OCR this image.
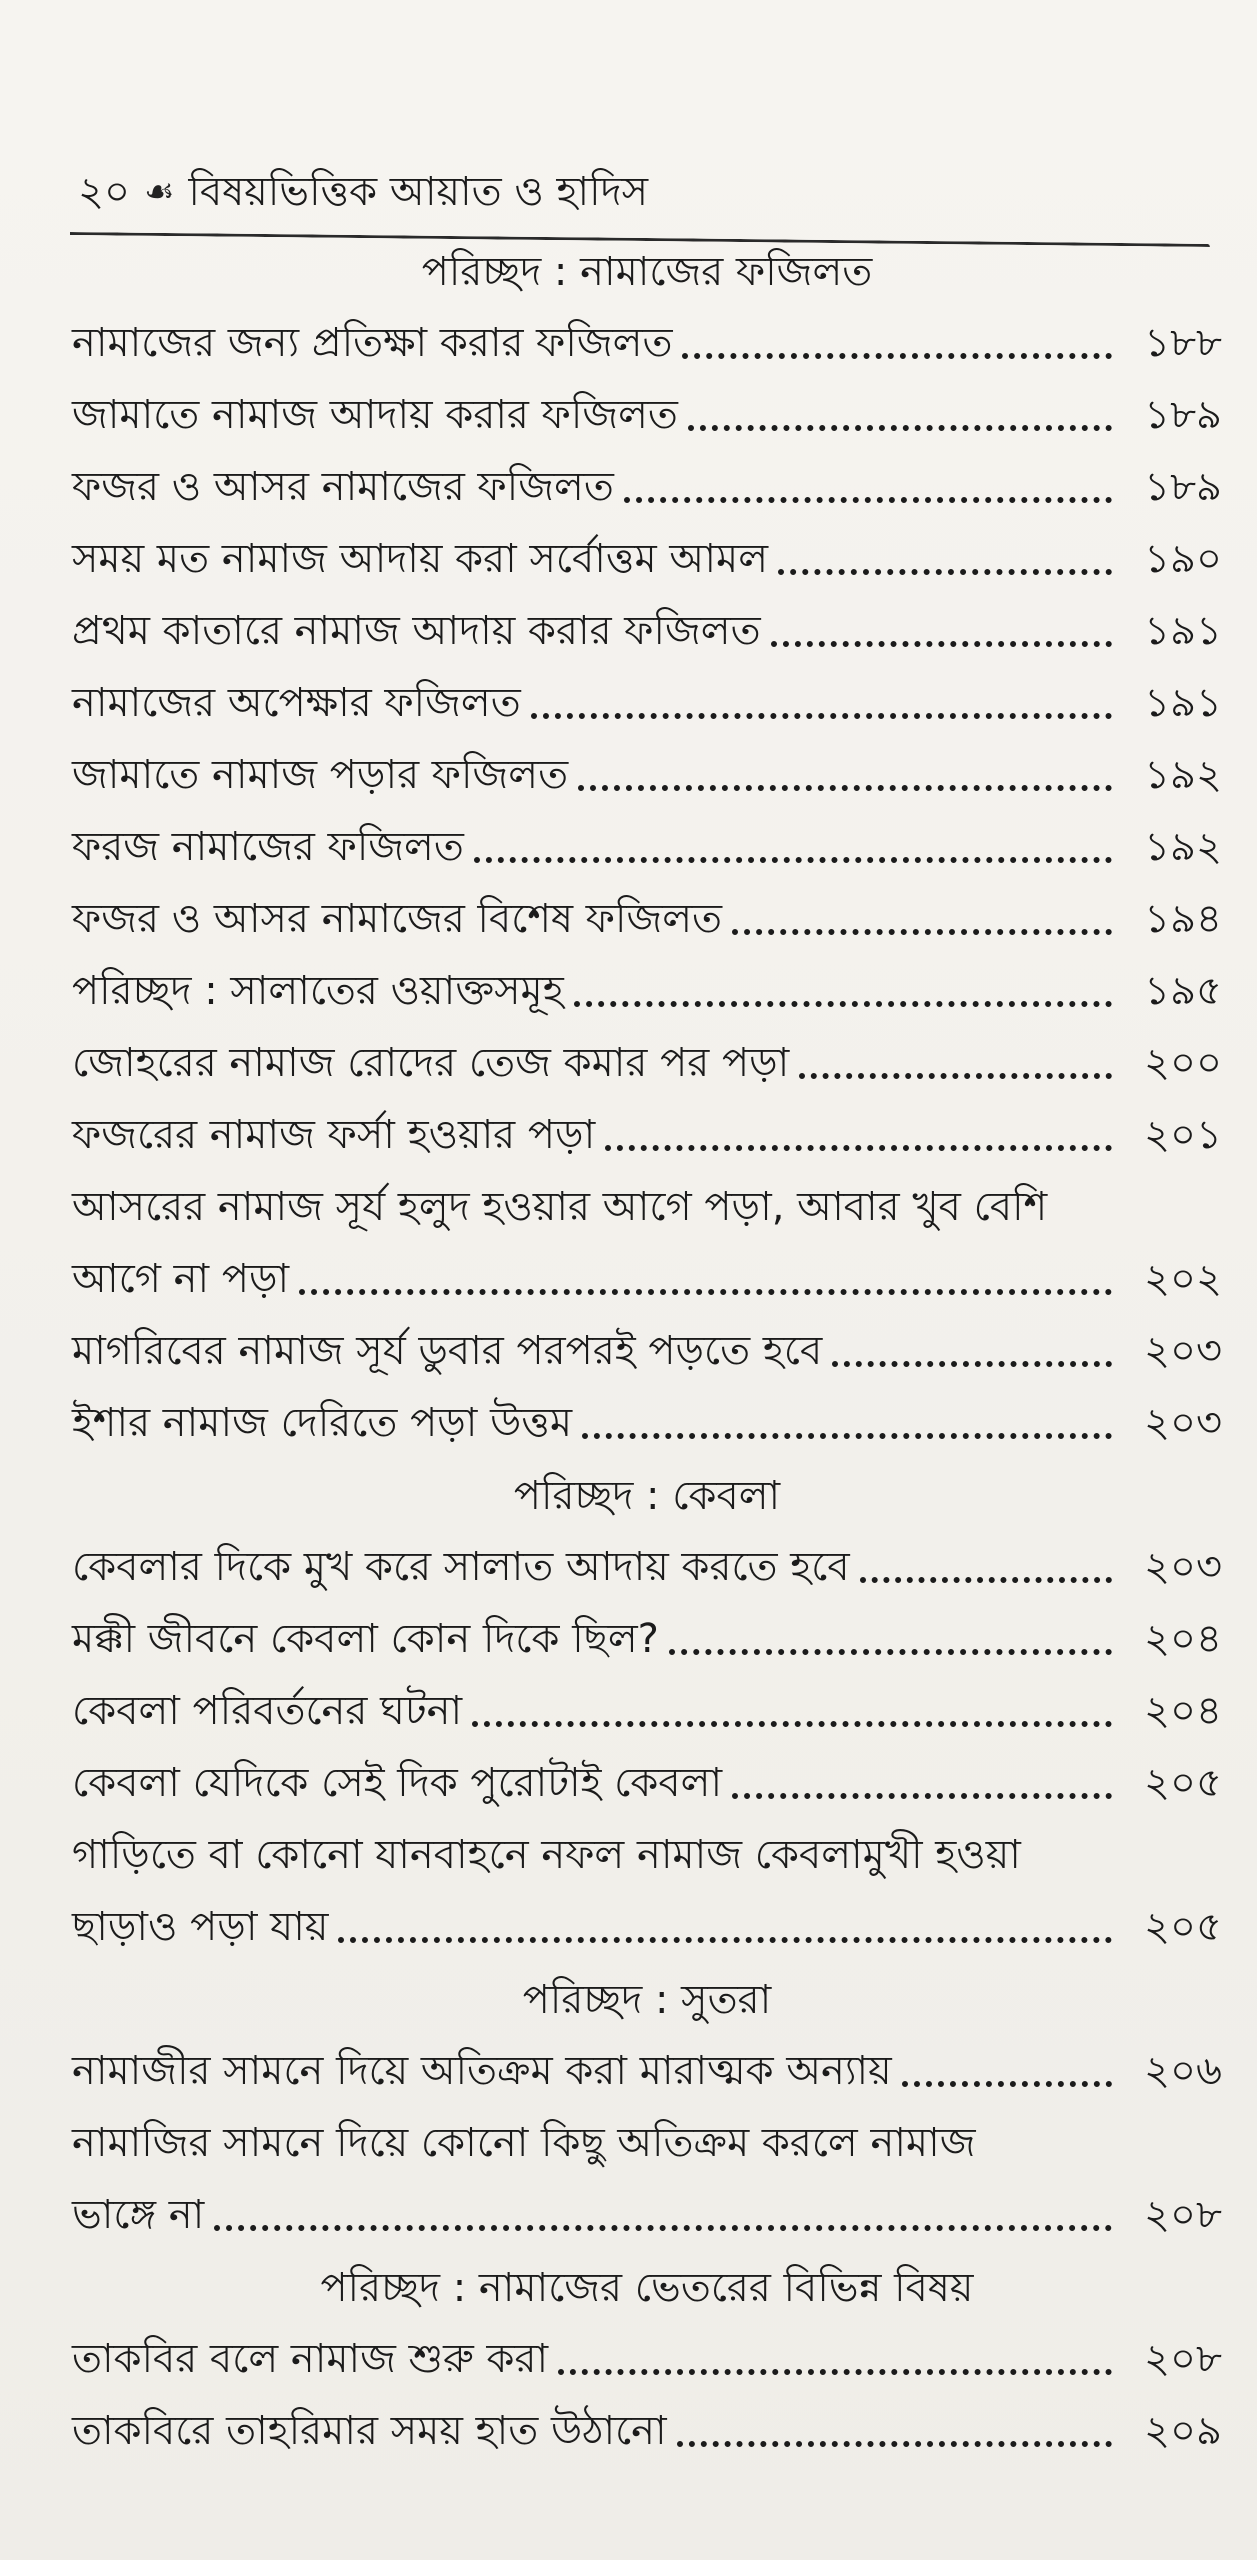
২০ ☙ বিষয়ভিত্তিক আয়াত ও হাদিস
পরিচ্ছদ : নামাজের ফজিলত
নামাজের জন্য প্রতিক্ষা করার ফজিলত	১৮৮
জামাতে নামাজ আদায় করার ফজিলত	১৮৯
ফজর ও আসর নামাজের ফজিলত	১৮৯
সময় মত নামাজ আদায় করা সর্বোত্তম আমল	১৯০
প্রথম কাতারে নামাজ আদায় করার ফজিলত	১৯১
নামাজের অপেক্ষার ফজিলত	১৯১
জামাতে নামাজ পড়ার ফজিলত	১৯২
ফরজ নামাজের ফজিলত	১৯২
ফজর ও আসর নামাজের বিশেষ ফজিলত	১৯৪
পরিচ্ছদ : সালাতের ওয়াক্তসমূহ	১৯৫
জোহরের নামাজ রোদের তেজ কমার পর পড়া	২০০
ফজরের নামাজ ফর্সা হওয়ার পড়া	২০১
আসরের নামাজ সূর্য হলুদ হওয়ার আগে পড়া, আবার খুব বেশি
আগে না পড়া	২০২
মাগরিবের নামাজ সূর্য ডুবার পরপরই পড়তে হবে	২০৩
ইশার নামাজ দেরিতে পড়া উত্তম	২০৩
পরিচ্ছদ : কেবলা
কেবলার দিকে মুখ করে সালাত আদায় করতে হবে	২০৩
মক্কী জীবনে কেবলা কোন দিকে ছিল?	২০৪
কেবলা পরিবর্তনের ঘটনা	২০৪
কেবলা যেদিকে সেই দিক পুরোটাই কেবলা	২০৫
গাড়িতে বা কোনো যানবাহনে নফল নামাজ কেবলামুখী হওয়া
ছাড়াও পড়া যায়	২০৫
পরিচ্ছদ : সুতরা
নামাজীর সামনে দিয়ে অতিক্রম করা মারাত্মক অন্যায়	২০৬
নামাজির সামনে দিয়ে কোনো কিছু অতিক্রম করলে নামাজ
ভাঙ্গে না	২০৮
পরিচ্ছদ : নামাজের ভেতরের বিভিন্ন বিষয়
তাকবির বলে নামাজ শুরু করা	২০৮
তাকবিরে তাহরিমার সময় হাত উঠানো	২০৯
